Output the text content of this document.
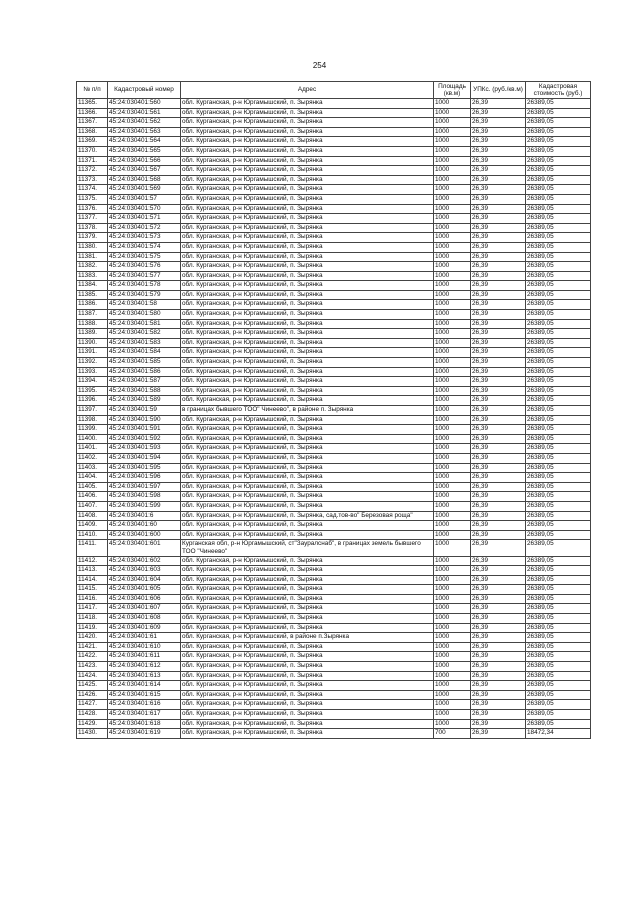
254
№ п/п	Кадастровый номер	Адрес	Площадь (кв.м)	УПКс. (руб./кв.м)	Кадастровая стоимость (руб.)
11365.	45:24:030401:560	обл. Курганская, р-н Юргамышский, п. Зырянка	1000	26,39	26389,05
11366.	45:24:030401:561	обл. Курганская, р-н Юргамышский, п. Зырянка	1000	26,39	26389,05
11367.	45:24:030401:562	обл. Курганская, р-н Юргамышский, п. Зырянка	1000	26,39	26389,05
11368.	45:24:030401:563	обл. Курганская, р-н Юргамышский, п. Зырянка	1000	26,39	26389,05
11369.	45:24:030401:564	обл. Курганская, р-н Юргамышский, п. Зырянка	1000	26,39	26389,05
11370.	45:24:030401:565	обл. Курганская, р-н Юргамышский, п. Зырянка	1000	26,39	26389,05
11371.	45:24:030401:566	обл. Курганская, р-н Юргамышский, п. Зырянка	1000	26,39	26389,05
11372.	45:24:030401:567	обл. Курганская, р-н Юргамышский, п. Зырянка	1000	26,39	26389,05
11373.	45:24:030401:568	обл. Курганская, р-н Юргамышский, п. Зырянка	1000	26,39	26389,05
11374.	45:24:030401:569	обл. Курганская, р-н Юргамышский, п. Зырянка	1000	26,39	26389,05
11375.	45:24:030401:57	обл. Курганская, р-н Юргамышский, п. Зырянка	1000	26,39	26389,05
11376.	45:24:030401:570	обл. Курганская, р-н Юргамышский, п. Зырянка	1000	26,39	26389,05
11377.	45:24:030401:571	обл. Курганская, р-н Юргамышский, п. Зырянка	1000	26,39	26389,05
11378.	45:24:030401:572	обл. Курганская, р-н Юргамышский, п. Зырянка	1000	26,39	26389,05
11379.	45:24:030401:573	обл. Курганская, р-н Юргамышский, п. Зырянка	1000	26,39	26389,05
11380.	45:24:030401:574	обл. Курганская, р-н Юргамышский, п. Зырянка	1000	26,39	26389,05
11381.	45:24:030401:575	обл. Курганская, р-н Юргамышский, п. Зырянка	1000	26,39	26389,05
11382.	45:24:030401:576	обл. Курганская, р-н Юргамышский, п. Зырянка	1000	26,39	26389,05
11383.	45:24:030401:577	обл. Курганская, р-н Юргамышский, п. Зырянка	1000	26,39	26389,05
11384.	45:24:030401:578	обл. Курганская, р-н Юргамышский, п. Зырянка	1000	26,39	26389,05
11385.	45:24:030401:579	обл. Курганская, р-н Юргамышский, п. Зырянка	1000	26,39	26389,05
11386.	45:24:030401:58	обл. Курганская, р-н Юргамышский, п. Зырянка	1000	26,39	26389,05
11387.	45:24:030401:580	обл. Курганская, р-н Юргамышский, п. Зырянка	1000	26,39	26389,05
11388.	45:24:030401:581	обл. Курганская, р-н Юргамышский, п. Зырянка	1000	26,39	26389,05
11389.	45:24:030401:582	обл. Курганская, р-н Юргамышский, п. Зырянка	1000	26,39	26389,05
11390.	45:24:030401:583	обл. Курганская, р-н Юргамышский, п. Зырянка	1000	26,39	26389,05
11391.	45:24:030401:584	обл. Курганская, р-н Юргамышский, п. Зырянка	1000	26,39	26389,05
11392.	45:24:030401:585	обл. Курганская, р-н Юргамышский, п. Зырянка	1000	26,39	26389,05
11393.	45:24:030401:586	обл. Курганская, р-н Юргамышский, п. Зырянка	1000	26,39	26389,05
11394.	45:24:030401:587	обл. Курганская, р-н Юргамышский, п. Зырянка	1000	26,39	26389,05
11395.	45:24:030401:588	обл. Курганская, р-н Юргамышский, п. Зырянка	1000	26,39	26389,05
11396.	45:24:030401:589	обл. Курганская, р-н Юргамышский, п. Зырянка	1000	26,39	26389,05
11397.	45:24:030401:59	в границах бывшего ТОО" Чинеево", в районе п. Зырянка	1000	26,39	26389,05
11398.	45:24:030401:590	обл. Курганская, р-н Юргамышский, п. Зырянка	1000	26,39	26389,05
11399.	45:24:030401:591	обл. Курганская, р-н Юргамышский, п. Зырянка	1000	26,39	26389,05
11400.	45:24:030401:592	обл. Курганская, р-н Юргамышский, п. Зырянка	1000	26,39	26389,05
11401.	45:24:030401:593	обл. Курганская, р-н Юргамышский, п. Зырянка	1000	26,39	26389,05
11402.	45:24:030401:594	обл. Курганская, р-н Юргамышский, п. Зырянка	1000	26,39	26389,05
11403.	45:24:030401:595	обл. Курганская, р-н Юргамышский, п. Зырянка	1000	26,39	26389,05
11404.	45:24:030401:596	обл. Курганская, р-н Юргамышский, п. Зырянка	1000	26,39	26389,05
11405.	45:24:030401:597	обл. Курганская, р-н Юргамышский, п. Зырянка	1000	26,39	26389,05
11406.	45:24:030401:598	обл. Курганская, р-н Юргамышский, п. Зырянка	1000	26,39	26389,05
11407.	45:24:030401:599	обл. Курганская, р-н Юргамышский, п. Зырянка	1000	26,39	26389,05
11408.	45:24:030401:6	обл. Курганская, р-н Юргамышский, п. Зырянка, сад.тов-во" Березовая роща"	1000	26,39	26389,05
11409.	45:24:030401:60	обл. Курганская, р-н Юргамышский, п. Зырянка	1000	26,39	26389,05
11410.	45:24:030401:600	обл. Курганская, р-н Юргамышский, п. Зырянка	1000	26,39	26389,05
11411.	45:24:030401:601	Курганская обл, р-н Юргамышский, ст"Зауралснаб", в границах земель бывшего ТОО "Чинеево"	1000	26,39	26389,05
11412.	45:24:030401:602	обл. Курганская, р-н Юргамышский, п. Зырянка	1000	26,39	26389,05
11413.	45:24:030401:603	обл. Курганская, р-н Юргамышский, п. Зырянка	1000	26,39	26389,05
11414.	45:24:030401:604	обл. Курганская, р-н Юргамышский, п. Зырянка	1000	26,39	26389,05
11415.	45:24:030401:605	обл. Курганская, р-н Юргамышский, п. Зырянка	1000	26,39	26389,05
11416.	45:24:030401:606	обл. Курганская, р-н Юргамышский, п. Зырянка	1000	26,39	26389,05
11417.	45:24:030401:607	обл. Курганская, р-н Юргамышский, п. Зырянка	1000	26,39	26389,05
11418.	45:24:030401:608	обл. Курганская, р-н Юргамышский, п. Зырянка	1000	26,39	26389,05
11419.	45:24:030401:609	обл. Курганская, р-н Юргамышский, п. Зырянка	1000	26,39	26389,05
11420.	45:24:030401:61	обл. Курганская, р-н Юргамышский, в районе п.Зырянка	1000	26,39	26389,05
11421.	45:24:030401:610	обл. Курганская, р-н Юргамышский, п. Зырянка	1000	26,39	26389,05
11422.	45:24:030401:611	обл. Курганская, р-н Юргамышский, п. Зырянка	1000	26,39	26389,05
11423.	45:24:030401:612	обл. Курганская, р-н Юргамышский, п. Зырянка	1000	26,39	26389,05
11424.	45:24:030401:613	обл. Курганская, р-н Юргамышский, п. Зырянка	1000	26,39	26389,05
11425.	45:24:030401:614	обл. Курганская, р-н Юргамышский, п. Зырянка	1000	26,39	26389,05
11426.	45:24:030401:615	обл. Курганская, р-н Юргамышский, п. Зырянка	1000	26,39	26389,05
11427.	45:24:030401:616	обл. Курганская, р-н Юргамышский, п. Зырянка	1000	26,39	26389,05
11428.	45:24:030401:617	обл. Курганская, р-н Юргамышский, п. Зырянка	1000	26,39	26389,05
11429.	45:24:030401:618	обл. Курганская, р-н Юргамышский, п. Зырянка	1000	26,39	26389,05
11430.	45:24:030401:619	обл. Курганская, р-н Юргамышский, п. Зырянка	700	26,39	18472,34
